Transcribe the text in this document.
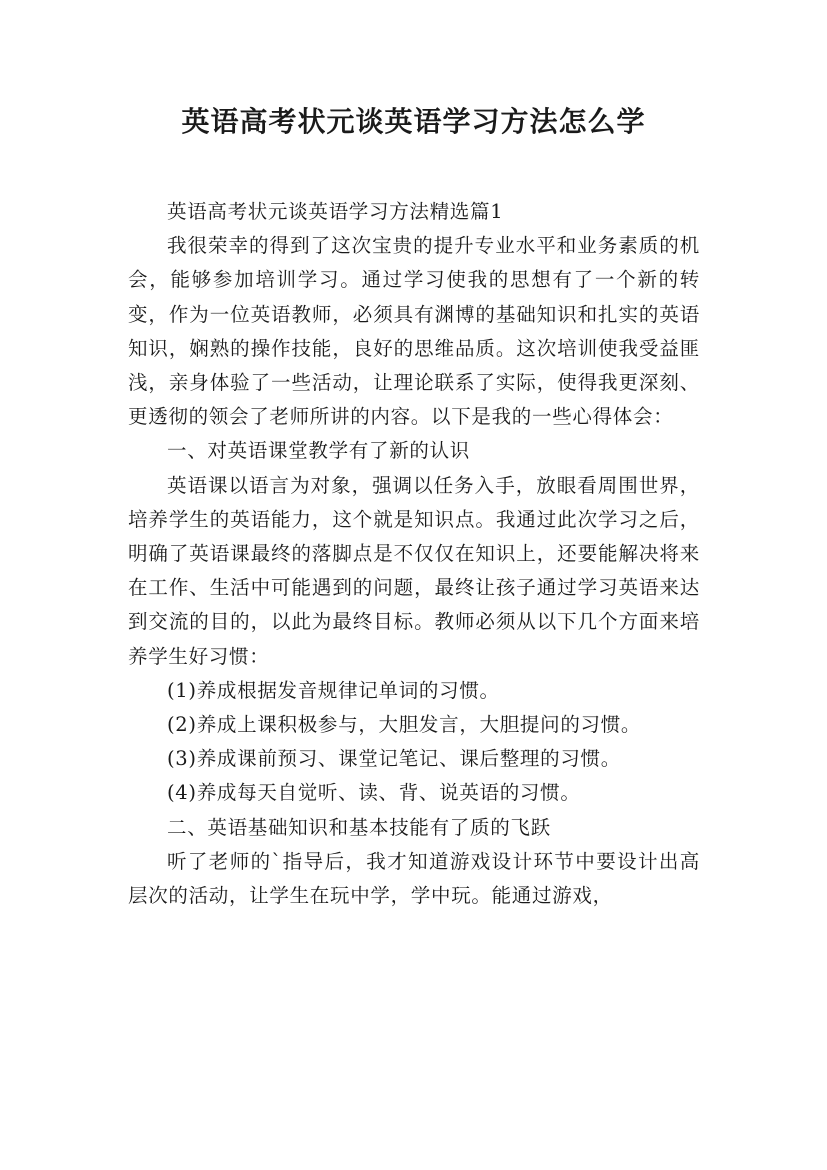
英语高考状元谈英语学习方法怎么学

英语高考状元谈英语学习方法精选篇1

我很荣幸的得到了这次宝贵的提升专业水平和业务素质的机会，能够参加培训学习。通过学习使我的思想有了一个新的转变，作为一位英语教师，必须具有渊博的基础知识和扎实的英语知识，娴熟的操作技能，良好的思维品质。这次培训使我受益匪浅，亲身体验了一些活动，让理论联系了实际，使得我更深刻、更透彻的领会了老师所讲的内容。以下是我的一些心得体会：

一、对英语课堂教学有了新的认识

英语课以语言为对象，强调以任务入手，放眼看周围世界，培养学生的英语能力，这个就是知识点。我通过此次学习之后，明确了英语课最终的落脚点是不仅仅在知识上，还要能解决将来在工作、生活中可能遇到的问题，最终让孩子通过学习英语来达到交流的目的，以此为最终目标。教师必须从以下几个方面来培养学生好习惯：

(1)养成根据发音规律记单词的习惯。

(2)养成上课积极参与，大胆发言，大胆提问的习惯。

(3)养成课前预习、课堂记笔记、课后整理的习惯。

(4)养成每天自觉听、读、背、说英语的习惯。

二、英语基础知识和基本技能有了质的飞跃

听了老师的`指导后，我才知道游戏设计环节中要设计出高层次的活动，让学生在玩中学，学中玩。能通过游戏，
